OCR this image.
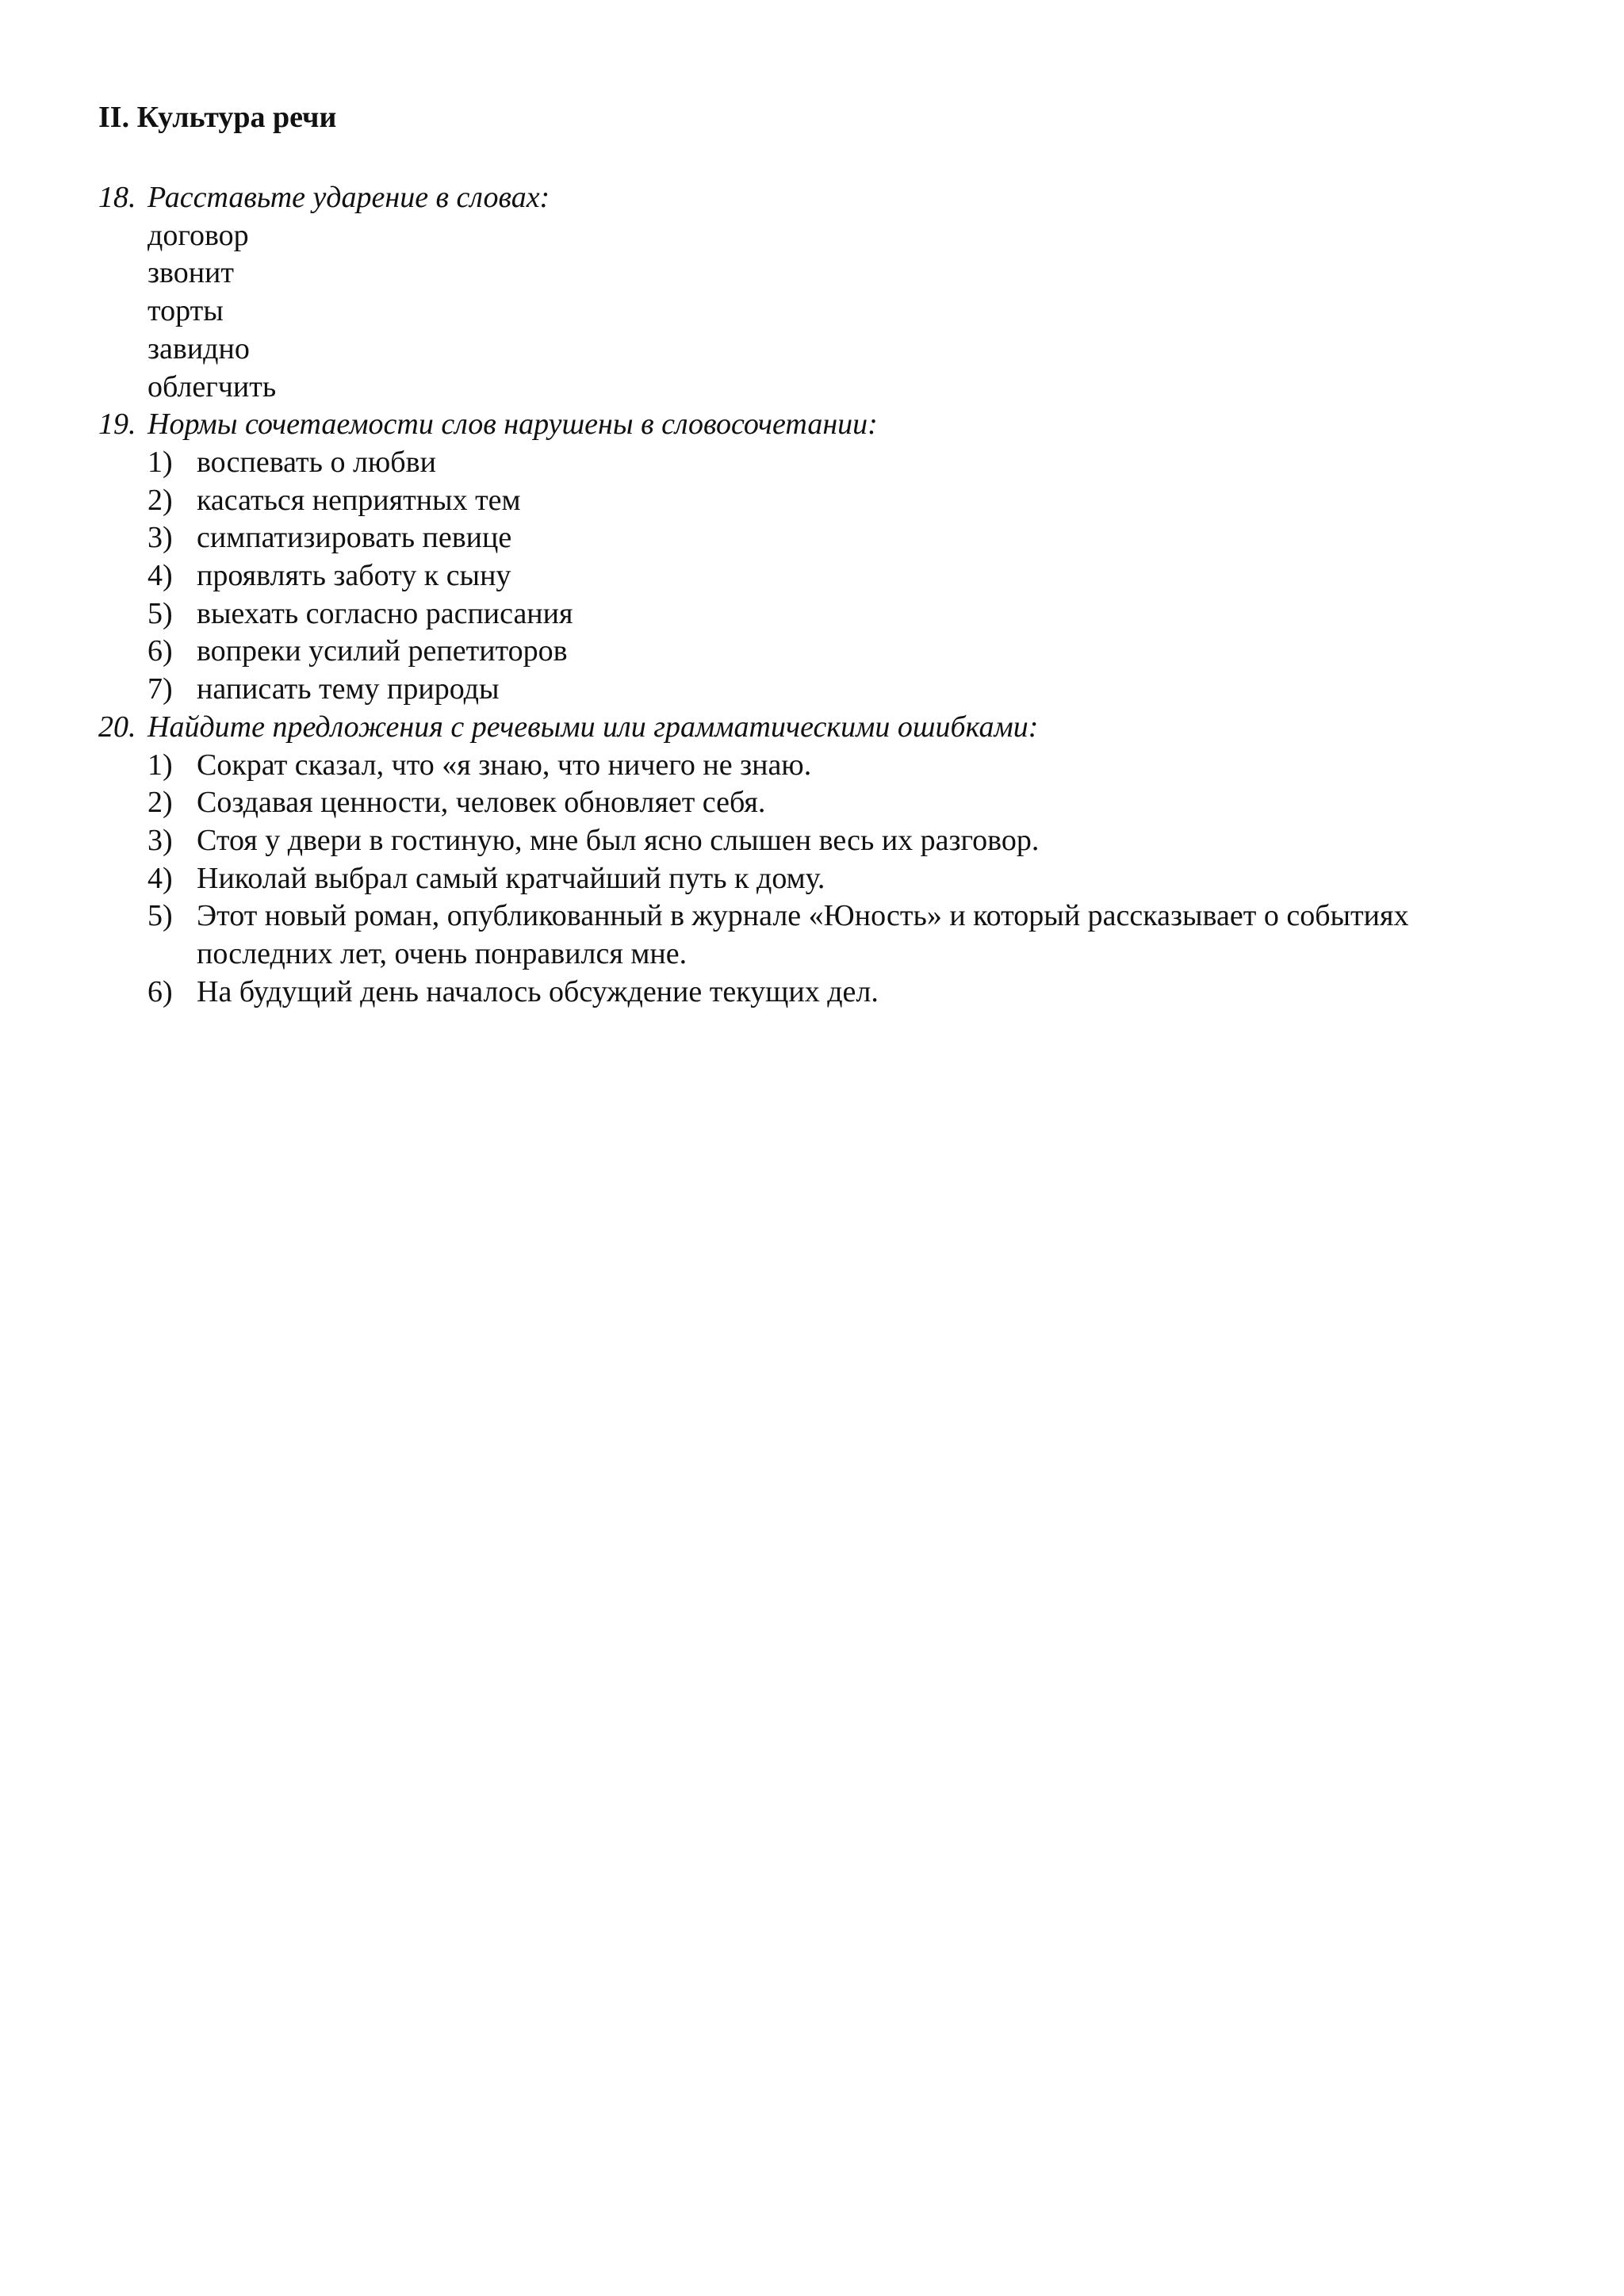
II. Культура речи
18. Расставьте ударение в словах:
договор
звонит
торты
завидно
облегчить
19. Нормы сочетаемости слов нарушены в словосочетании:
1) воспевать о любви
2) касаться неприятных тем
3) симпатизировать певице
4) проявлять заботу к сыну
5) выехать согласно расписания
6) вопреки усилий репетиторов
7) написать тему природы
20. Найдите предложения с речевыми или грамматическими ошибками:
1) Сократ сказал, что «я знаю, что ничего не знаю.
2) Создавая ценности, человек обновляет себя.
3) Стоя у двери в гостиную, мне был ясно слышен весь их разговор.
4) Николай выбрал самый кратчайший путь к дому.
5) Этот новый роман, опубликованный в журнале «Юность» и который рассказывает о событиях последних лет, очень понравился мне.
6) На будущий день началось обсуждение текущих дел.
